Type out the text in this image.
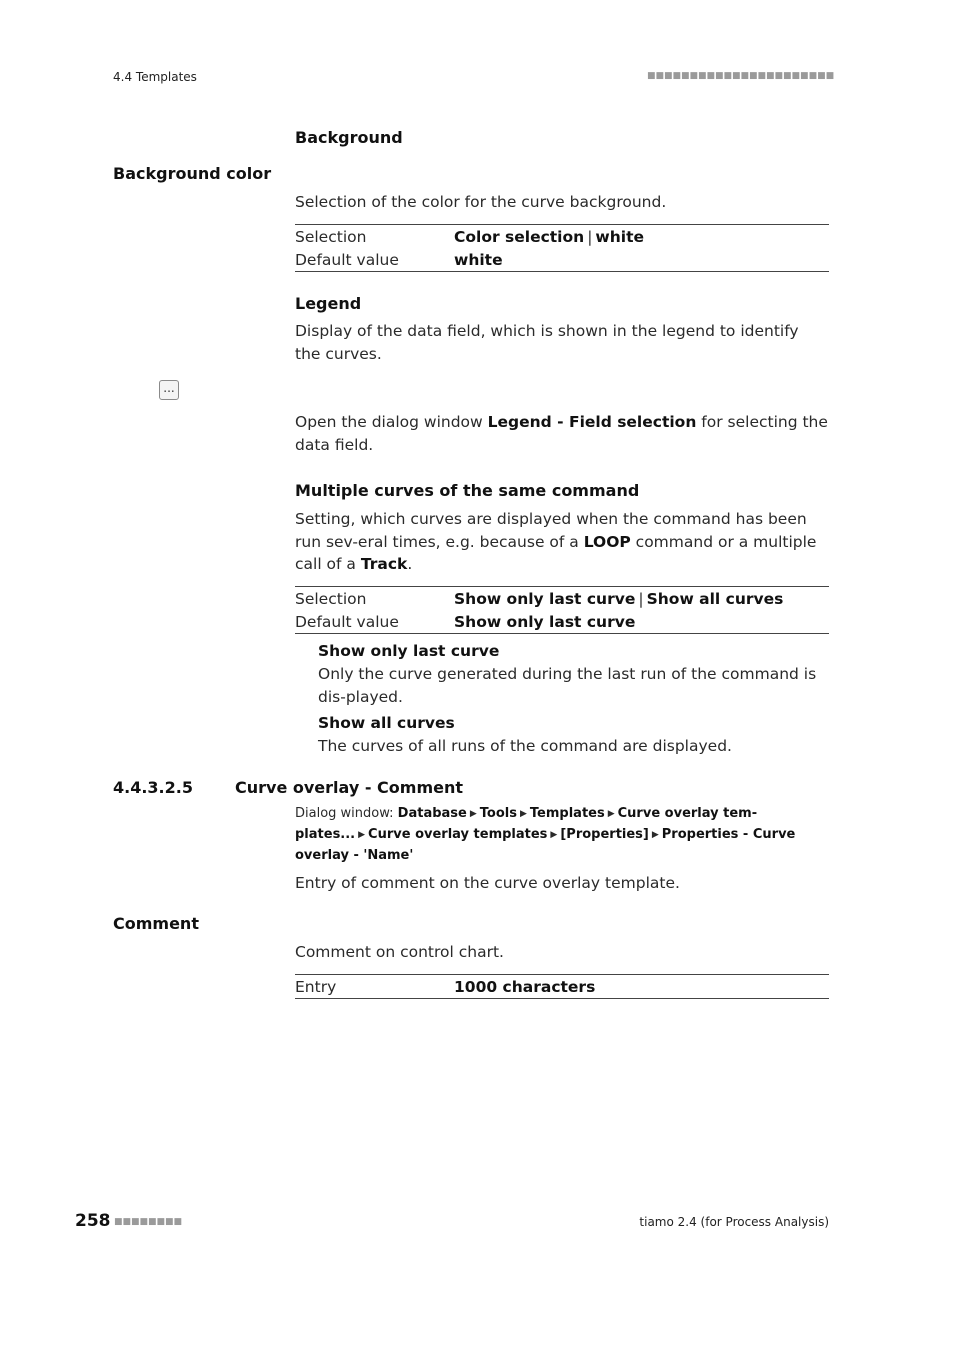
4.4 Templates	■■■■■■■■■■■■■■■■■■■■■■
Background
Background color
Selection of the color for the curve background.
Selection	Color selection | white
Default value	white
Legend
Display of the data field, which is shown in the legend to identify the curves.
...
Open the dialog window Legend - Field selection for selecting the data field.
Multiple curves of the same command
Setting, which curves are displayed when the command has been run sev-eral times, e.g. because of a LOOP command or a multiple call of a Track.
Selection	Show only last curve | Show all curves
Default value	Show only last curve
Show only last curve
Only the curve generated during the last run of the command is dis-played.
Show all curves
The curves of all runs of the command are displayed.
4.4.3.2.5	Curve overlay - Comment
Dialog window: Database ▶ Tools ▶ Templates ▶ Curve overlay tem-plates... ▶ Curve overlay templates ▶ [Properties] ▶ Properties - Curve overlay - 'Name'
Entry of comment on the curve overlay template.
Comment
Comment on control chart.
Entry	1000 characters
258 ■■■■■■■■	tiamo 2.4 (for Process Analysis)
